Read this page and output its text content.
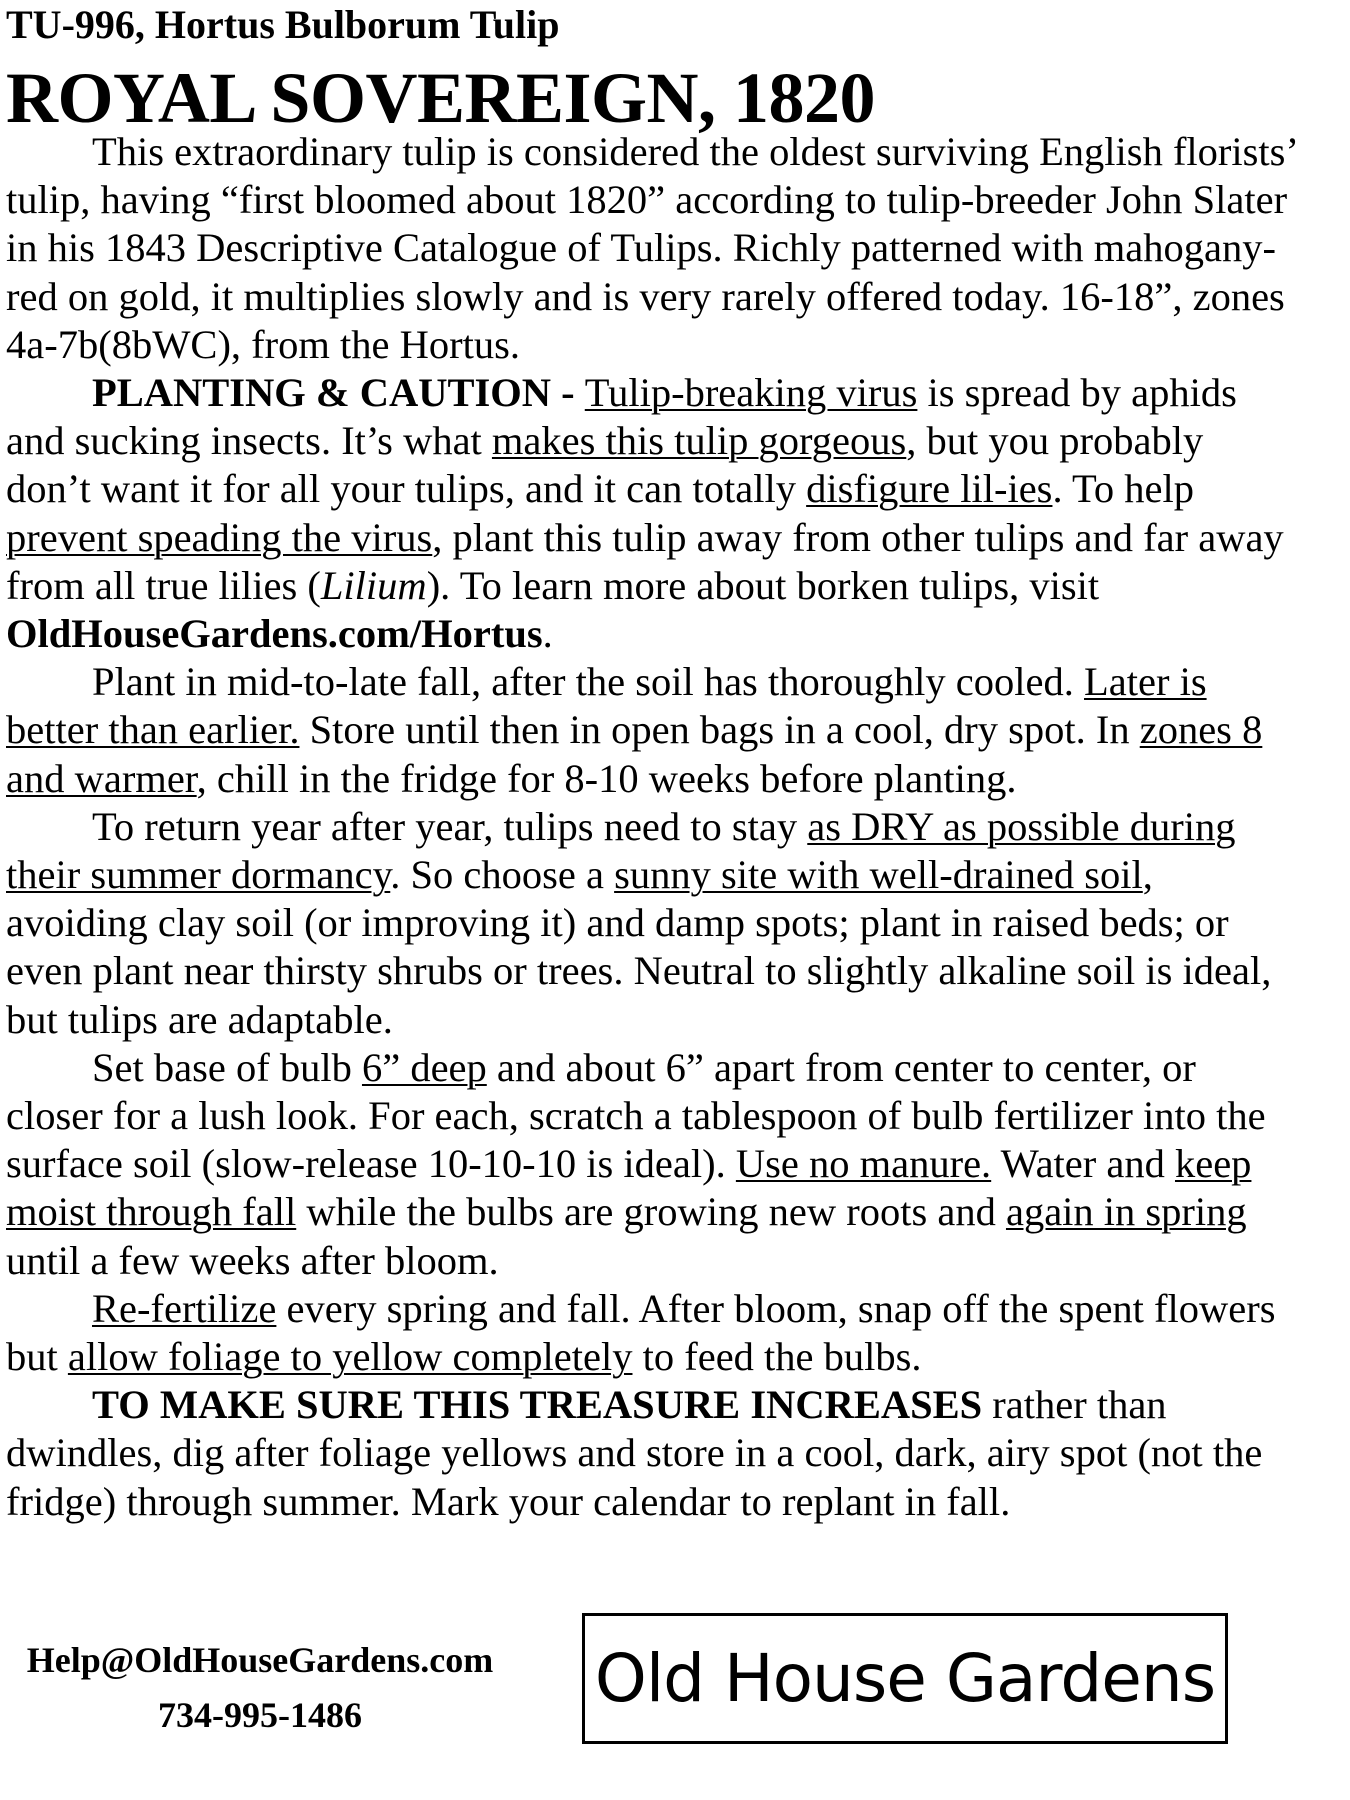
TU-996, Hortus Bulborum Tulip
ROYAL SOVEREIGN, 1820

This extraordinary tulip is considered the oldest surviving English florists’ tulip, having “first bloomed about 1820” according to tulip-breeder John Slater in his 1843 Descriptive Catalogue of Tulips. Richly patterned with mahogany-red on gold, it multiplies slowly and is very rarely offered today. 16-18”, zones 4a-7b(8bWC), from the Hortus.

PLANTING & CAUTION - Tulip-breaking virus is spread by aphids and sucking insects. It’s what makes this tulip gorgeous, but you probably don’t want it for all your tulips, and it can totally disfigure lil-ies. To help prevent speading the virus, plant this tulip away from other tulips and far away from all true lilies (Lilium). To learn more about borken tulips, visit OldHouseGardens.com/Hortus.

Plant in mid-to-late fall, after the soil has thoroughly cooled. Later is better than earlier. Store until then in open bags in a cool, dry spot. In zones 8 and warmer, chill in the fridge for 8-10 weeks before planting.

To return year after year, tulips need to stay as DRY as possible during their summer dormancy. So choose a sunny site with well-drained soil, avoiding clay soil (or improving it) and damp spots; plant in raised beds; or even plant near thirsty shrubs or trees. Neutral to slightly alkaline soil is ideal, but tulips are adaptable.

Set base of bulb 6” deep and about 6” apart from center to center, or closer for a lush look. For each, scratch a tablespoon of bulb fertilizer into the surface soil (slow-release 10-10-10 is ideal). Use no manure. Water and keep moist through fall while the bulbs are growing new roots and again in spring until a few weeks after bloom.

Re-fertilize every spring and fall. After bloom, snap off the spent flowers but allow foliage to yellow completely to feed the bulbs.

TO MAKE SURE THIS TREASURE INCREASES rather than dwindles, dig after foliage yellows and store in a cool, dark, airy spot (not the fridge) through summer. Mark your calendar to replant in fall.

Help@OldHouseGardens.com
734-995-1486	Old House Gardens
